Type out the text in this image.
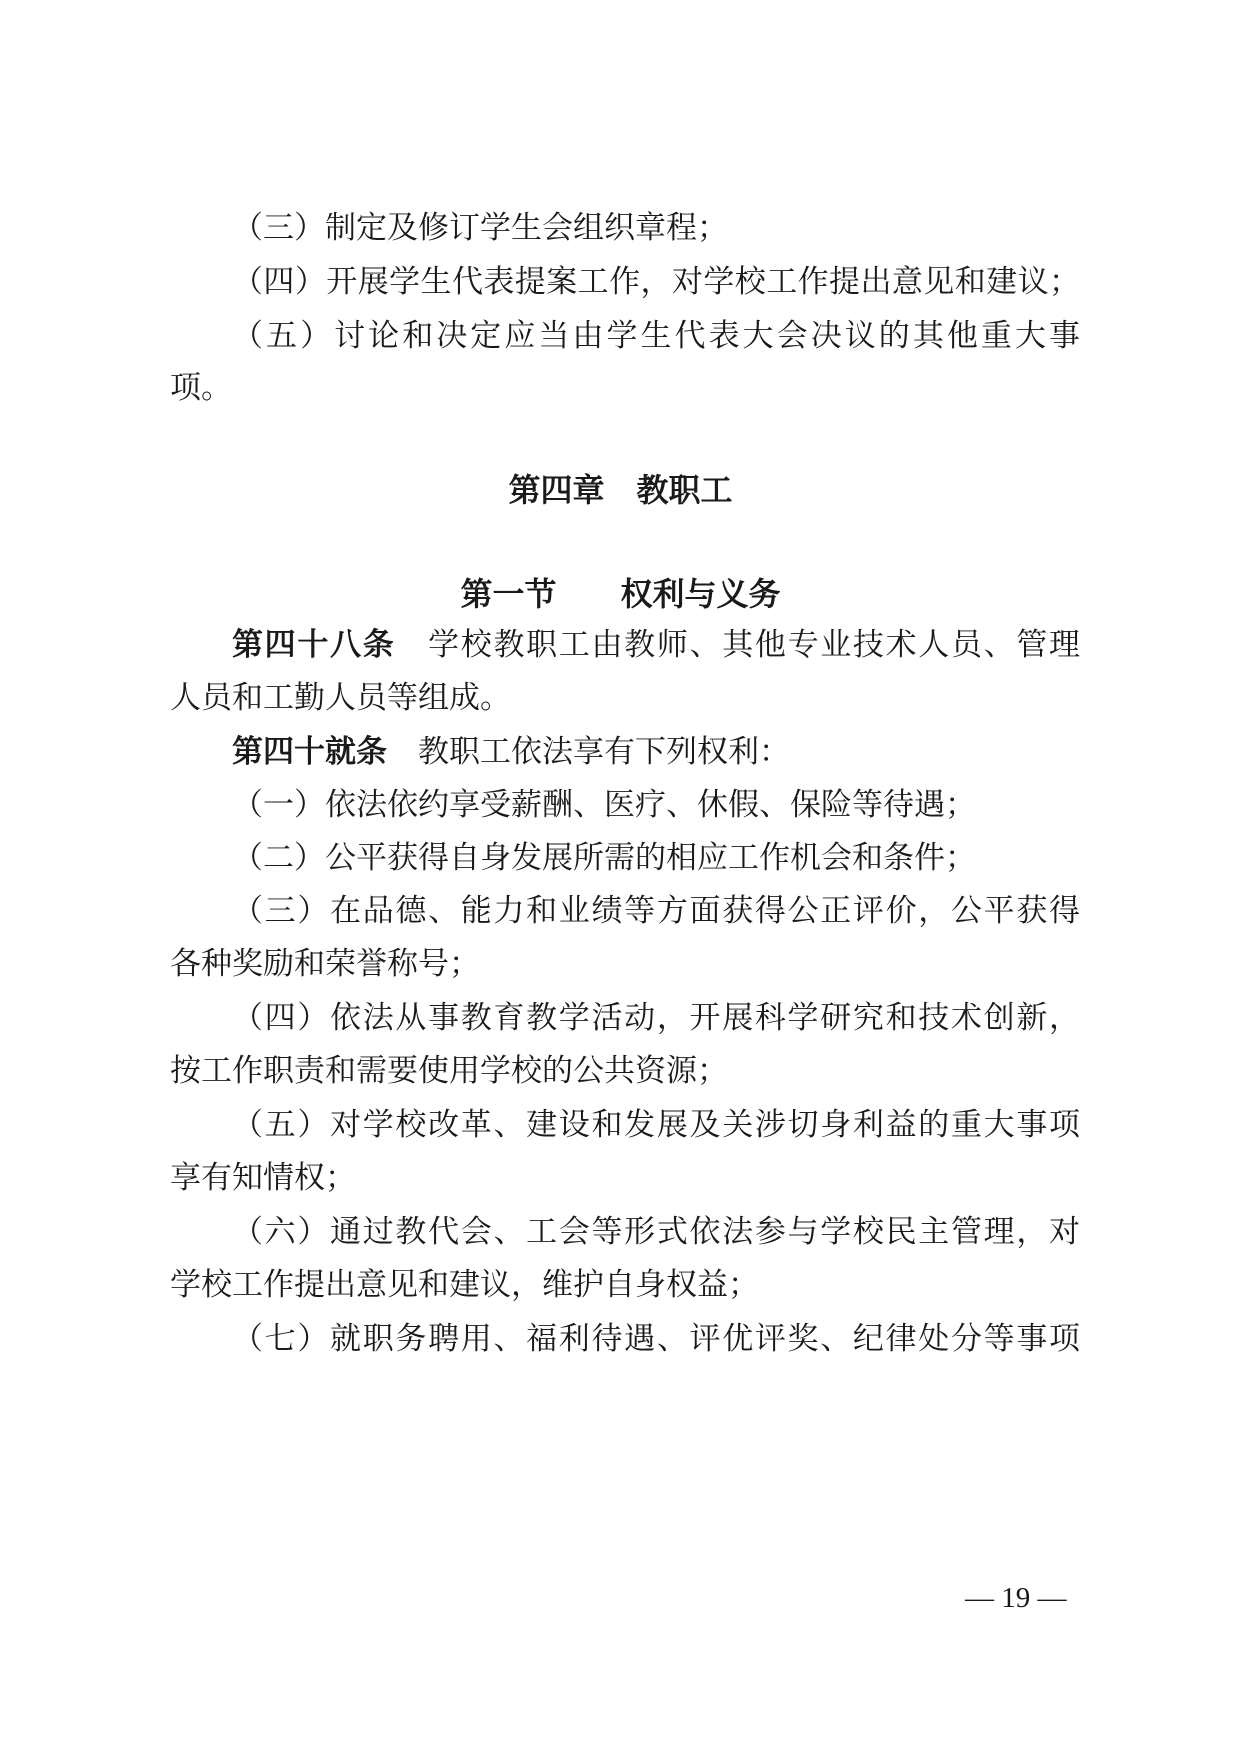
（三）制定及修订学生会组织章程；
（四）开展学生代表提案工作，对学校工作提出意见和建议；
（五）讨论和决定应当由学生代表大会决议的其他重大事
项。
第四章　教职工
第一节　　权利与义务
第四十八条　 学校教职工由教师、其他专业技术人员、管理
人员和工勤人员等组成。
第四十就条　 教职工依法享有下列权利：
（一）依法依约享受薪酬、医疗、休假、保险等待遇；
（二）公平获得自身发展所需的相应工作机会和条件；
（三）在品德、能力和业绩等方面获得公正评价，公平获得
各种奖励和荣誉称号；
（四）依法从事教育教学活动，开展科学研究和技术创新，
按工作职责和需要使用学校的公共资源；
（五）对学校改革、建设和发展及关涉切身利益的重大事项
享有知情权；
（六）通过教代会、工会等形式依法参与学校民主管理，对
学校工作提出意见和建议，维护自身权益；
（七）就职务聘用、福利待遇、评优评奖、纪律处分等事项
— 19 —
